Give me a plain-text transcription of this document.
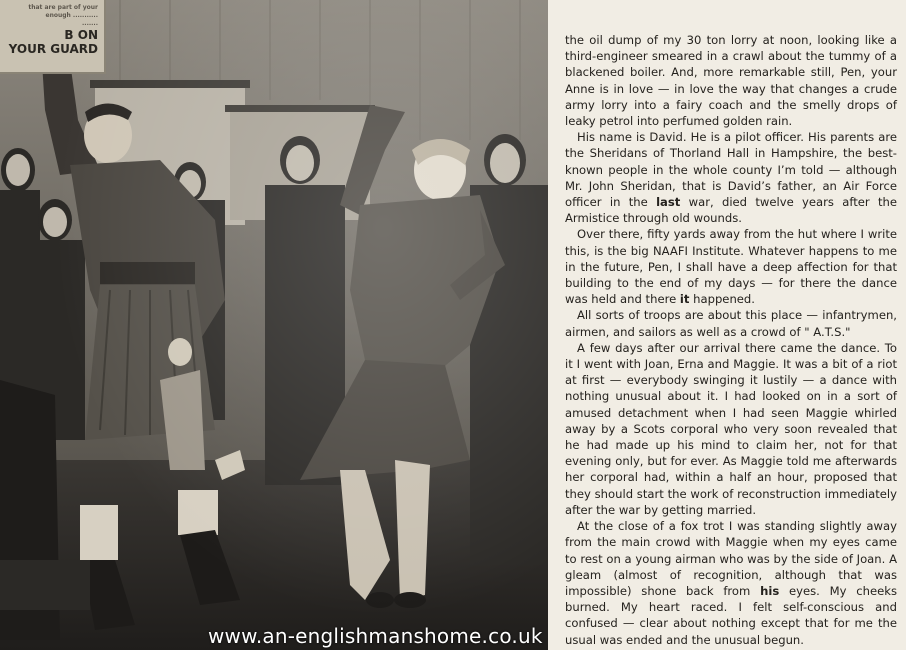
that are part of your
enough ...........
.......
B ON
YOUR GUARD
www.an-englishmanshome.co.uk

the oil dump of my 30 ton lorry at noon, looking like a third-engineer smeared in a crawl about the tummy of a blackened boiler. And, more remarkable still, Pen, your Anne is in love — in love the way that changes a crude army lorry into a fairy coach and the smelly drops of leaky petrol into perfumed golden rain.

His name is David. He is a pilot officer. His parents are the Sheridans of Thorland Hall in Hampshire, the best-known people in the whole county I’m told — although Mr. John Sheridan, that is David’s father, an Air Force officer in the last war, died twelve years after the Armistice through old wounds.

Over there, fifty yards away from the hut where I write this, is the big NAAFI Institute. Whatever happens to me in the future, Pen, I shall have a deep affection for that building to the end of my days — for there the dance was held and there it happened.

All sorts of troops are about this place — infantrymen, airmen, and sailors as well as a crowd of " A.T.S."

A few days after our arrival there came the dance. To it I went with Joan, Erna and Maggie. It was a bit of a riot at first — everybody swinging it lustily — a dance with nothing unusual about it. I had looked on in a sort of amused detachment when I had seen Maggie whirled away by a Scots corporal who very soon revealed that he had made up his mind to claim her, not for that evening only, but for ever. As Maggie told me afterwards her corporal had, within a half an hour, proposed that they should start the work of reconstruction immediately after the war by getting married.

At the close of a fox trot I was standing slightly away from the main crowd with Maggie when my eyes came to rest on a young airman who was by the side of Joan. A gleam (almost of recognition, although that was impossible) shone back from his eyes. My cheeks burned. My heart raced. I felt self-conscious and confused — clear about nothing except that for me the usual was ended and the unusual begun.
